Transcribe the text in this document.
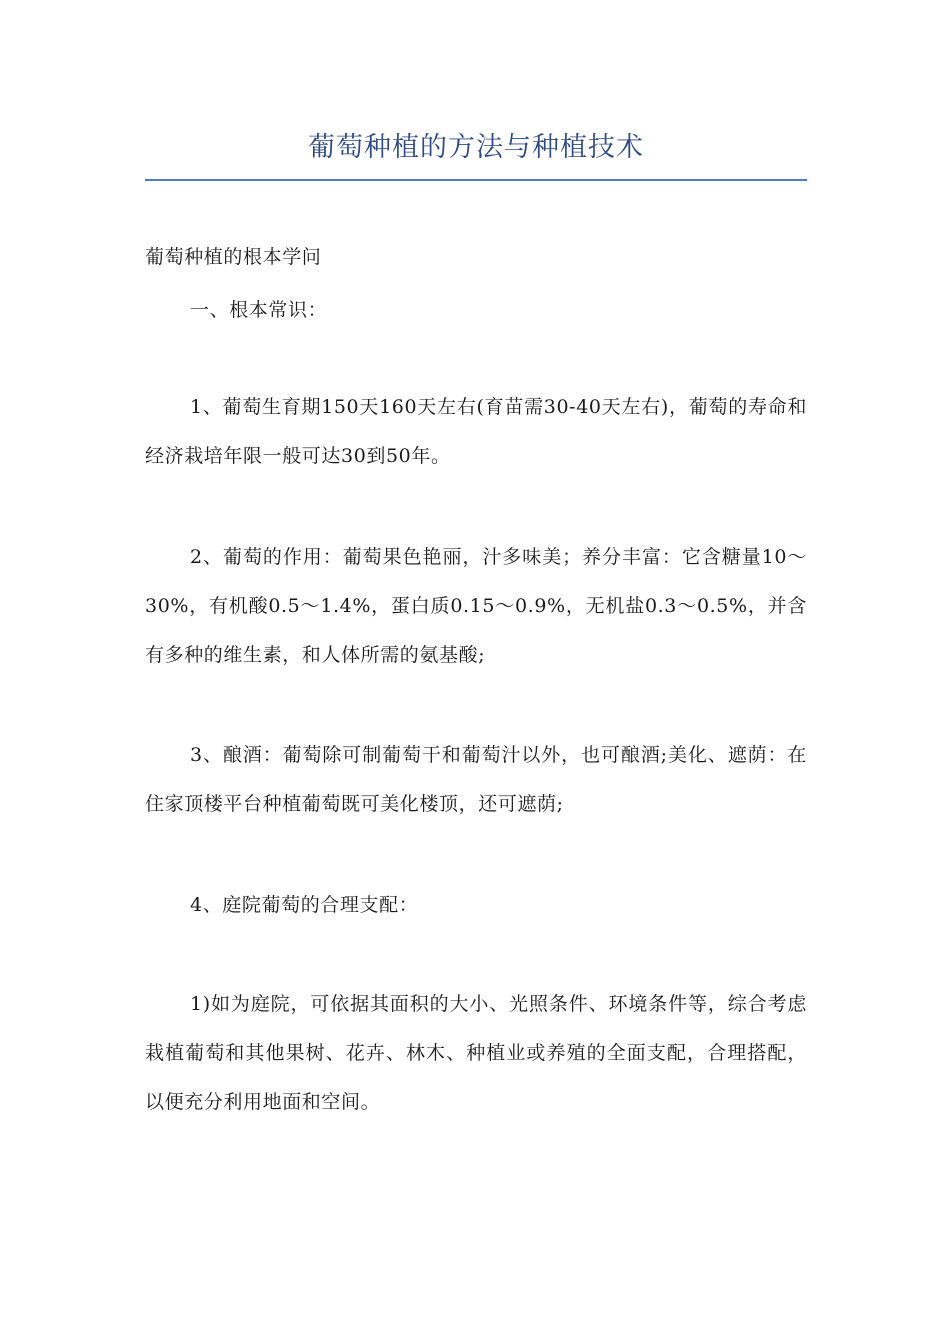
葡萄种植的方法与种植技术

葡萄种植的根本学问

一、根本常识：

1、葡萄生育期150天160天左右(育苗需30-40天左右)，葡萄的寿命和经济栽培年限一般可达30到50年。

2、葡萄的作用：葡萄果色艳丽，汁多味美；养分丰富：它含糖量10～30%，有机酸0.5～1.4%，蛋白质0.15～0.9%，无机盐0.3～0.5%，并含有多种的维生素，和人体所需的氨基酸;

3、酿酒：葡萄除可制葡萄干和葡萄汁以外，也可酿酒;美化、遮荫：在住家顶楼平台种植葡萄既可美化楼顶，还可遮荫;

4、庭院葡萄的合理支配：

1)如为庭院，可依据其面积的大小、光照条件、环境条件等，综合考虑栽植葡萄和其他果树、花卉、林木、种植业或养殖的全面支配，合理搭配，以便充分利用地面和空间。
